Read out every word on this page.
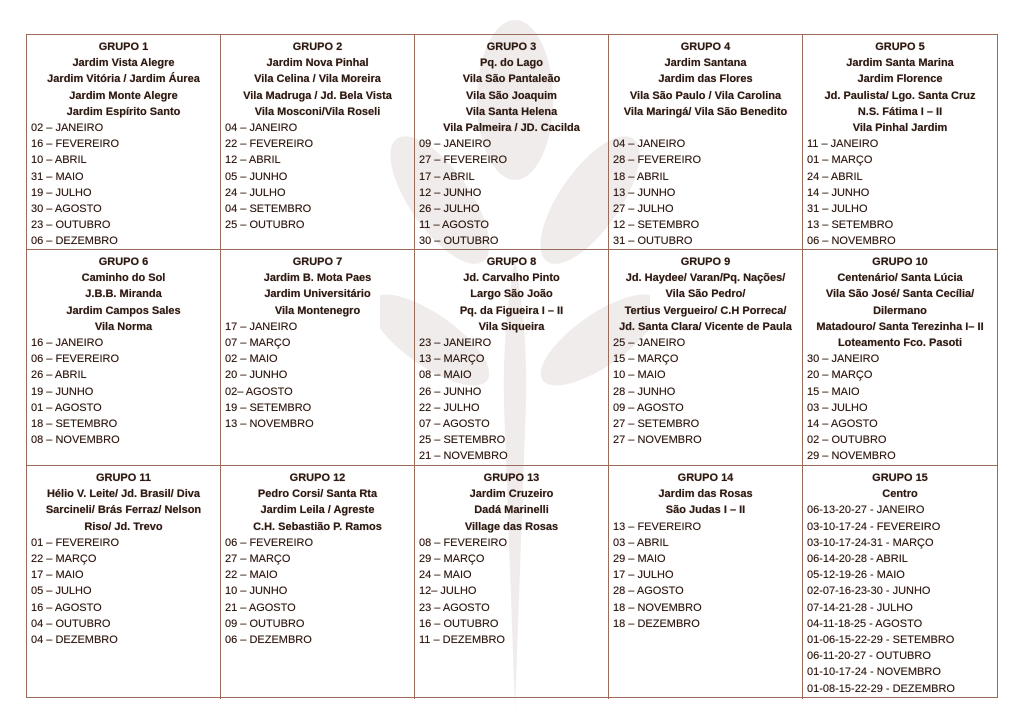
GRUPO 1
Jardim Vista Alegre
Jardim Vitória / Jardim Áurea
Jardim Monte Alegre
Jardim Espírito Santo
02 – JANEIRO
16 – FEVEREIRO
10 – ABRIL
31 – MAIO
19 – JULHO
30 – AGOSTO
23 – OUTUBRO
06 – DEZEMBRO
GRUPO 2
Jardim Nova Pinhal
Vila Celina / Vila Moreira
Vila Madruga / Jd. Bela Vista
Vila Mosconi/Vila Roseli
04 – JANEIRO
22 – FEVEREIRO
12 – ABRIL
05 – JUNHO
24 – JULHO
04 – SETEMBRO
25 – OUTUBRO
GRUPO 3
Pq. do Lago
Vila São Pantaleão
Vila São Joaquim
Vila Santa Helena
Vila Palmeira / JD. Cacilda
09 – JANEIRO
27 – FEVEREIRO
17 – ABRIL
12 – JUNHO
26 – JULHO
11 – AGOSTO
30 – OUTUBRO
GRUPO 4
Jardim Santana
Jardim das Flores
Vila São Paulo / Vila Carolina
Vila Maringá/ Vila São Benedito

04 – JANEIRO
28 – FEVEREIRO
18 – ABRIL
13 – JUNHO
27 – JULHO
12 – SETEMBRO
31 – OUTUBRO
GRUPO 5
Jardim Santa Marina
Jardim Florence
Jd. Paulista/ Lgo. Santa Cruz
N.S. Fátima I – II
Vila Pinhal Jardim
11 – JANEIRO
01 – MARÇO
24 – ABRIL
14 – JUNHO
31 – JULHO
13 – SETEMBRO
06 – NOVEMBRO
GRUPO 6
Caminho do Sol
J.B.B. Miranda
Jardim Campos Sales
Vila Norma
16 – JANEIRO
06 – FEVEREIRO
26 – ABRIL
19 – JUNHO
01 – AGOSTO
18 – SETEMBRO
08 – NOVEMBRO
GRUPO 7
Jardim B. Mota Paes
Jardim Universitário
Vila Montenegro
17 – JANEIRO
07 – MARÇO
02 – MAIO
20 – JUNHO
02– AGOSTO
19 – SETEMBRO
13 – NOVEMBRO
GRUPO 8
Jd. Carvalho Pinto
Largo São João
Pq. da Figueira I – II
Vila Siqueira
23 – JANEIRO
13 – MARÇO
08 – MAIO
26 – JUNHO
22 – JULHO
07 – AGOSTO
25 – SETEMBRO
21 – NOVEMBRO
GRUPO 9
Jd. Haydee/ Varan/Pq. Nações/
Vila São Pedro/
Tertius Vergueiro/ C.H Porreca/
Jd. Santa Clara/ Vicente de Paula
25 – JANEIRO
15 – MARÇO
10 – MAIO
28 – JUNHO
09 – AGOSTO
27 – SETEMBRO
27 – NOVEMBRO
GRUPO 10
Centenário/ Santa Lúcia
Vila São José/ Santa Cecília/
Dilermano
Matadouro/ Santa Terezinha I– II
Loteamento Fco. Pasoti
30 – JANEIRO
20 – MARÇO
15 – MAIO
03 – JULHO
14 – AGOSTO
02 – OUTUBRO
29 – NOVEMBRO
GRUPO 11
Hélio V. Leite/ Jd. Brasil/ Diva
Sarcineli/ Brás Ferraz/ Nelson
Riso/ Jd. Trevo
01 – FEVEREIRO
22 – MARÇO
17 – MAIO
05 – JULHO
16 – AGOSTO
04 – OUTUBRO
04 – DEZEMBRO
GRUPO 12
Pedro Corsi/ Santa Rta
Jardim Leila / Agreste
C.H. Sebastião P. Ramos
06 – FEVEREIRO
27 – MARÇO
22 – MAIO
10 – JUNHO
21 – AGOSTO
09 – OUTUBRO
06 – DEZEMBRO
GRUPO 13
Jardim Cruzeiro
Dadá Marinelli
Village das Rosas
08 – FEVEREIRO
29 – MARÇO
24 – MAIO
12– JULHO
23 – AGOSTO
16 – OUTUBRO
11 – DEZEMBRO
GRUPO 14
Jardim das Rosas
São Judas I – II
13 – FEVEREIRO
03 – ABRIL
29 – MAIO
17 – JULHO
28 – AGOSTO
18 – NOVEMBRO
18 – DEZEMBRO
GRUPO 15
Centro
06-13-20-27 - JANEIRO
03-10-17-24 - FEVEREIRO
03-10-17-24-31 - MARÇO
06-14-20-28 - ABRIL
05-12-19-26 - MAIO
02-07-16-23-30 - JUNHO
07-14-21-28 - JULHO
04-11-18-25 - AGOSTO
01-06-15-22-29 - SETEMBRO
06-11-20-27 - OUTUBRO
01-10-17-24 - NOVEMBRO
01-08-15-22-29 - DEZEMBRO
